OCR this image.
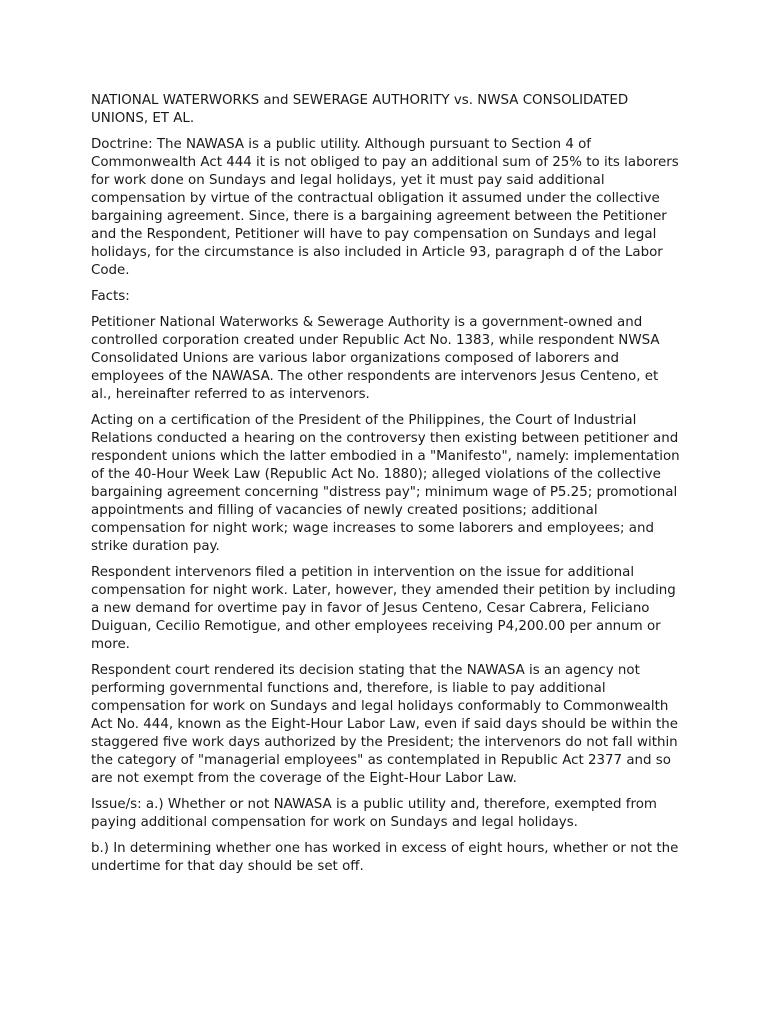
NATIONAL WATERWORKS and SEWERAGE AUTHORITY vs. NWSA CONSOLIDATED UNIONS, ET AL.

Doctrine: The NAWASA is a public utility. Although pursuant to Section 4 of Commonwealth Act 444 it is not obliged to pay an additional sum of 25% to its laborers for work done on Sundays and legal holidays, yet it must pay said additional compensation by virtue of the contractual obligation it assumed under the collective bargaining agreement. Since, there is a bargaining agreement between the Petitioner and the Respondent, Petitioner will have to pay compensation on Sundays and legal holidays, for the circumstance is also included in Article 93, paragraph d of the Labor Code.

Facts:

Petitioner National Waterworks & Sewerage Authority is a government-owned and controlled corporation created under Republic Act No. 1383, while respondent NWSA Consolidated Unions are various labor organizations composed of laborers and employees of the NAWASA. The other respondents are intervenors Jesus Centeno, et al., hereinafter referred to as intervenors.

Acting on a certification of the President of the Philippines, the Court of Industrial Relations conducted a hearing on the controversy then existing between petitioner and respondent unions which the latter embodied in a "Manifesto", namely: implementation of the 40-Hour Week Law (Republic Act No. 1880); alleged violations of the collective bargaining agreement concerning "distress pay"; minimum wage of P5.25; promotional appointments and filling of vacancies of newly created positions; additional compensation for night work; wage increases to some laborers and employees; and strike duration pay.

Respondent intervenors filed a petition in intervention on the issue for additional compensation for night work. Later, however, they amended their petition by including a new demand for overtime pay in favor of Jesus Centeno, Cesar Cabrera, Feliciano Duiguan, Cecilio Remotigue, and other employees receiving P4,200.00 per annum or more.

Respondent court rendered its decision stating that the NAWASA is an agency not performing governmental functions and, therefore, is liable to pay additional compensation for work on Sundays and legal holidays conformably to Commonwealth Act No. 444, known as the Eight-Hour Labor Law, even if said days should be within the staggered five work days authorized by the President; the intervenors do not fall within the category of "managerial employees" as contemplated in Republic Act 2377 and so are not exempt from the coverage of the Eight-Hour Labor Law.

Issue/s: a.) Whether or not NAWASA is a public utility and, therefore, exempted from paying additional compensation for work on Sundays and legal holidays.

b.) In determining whether one has worked in excess of eight hours, whether or not the undertime for that day should be set off.
